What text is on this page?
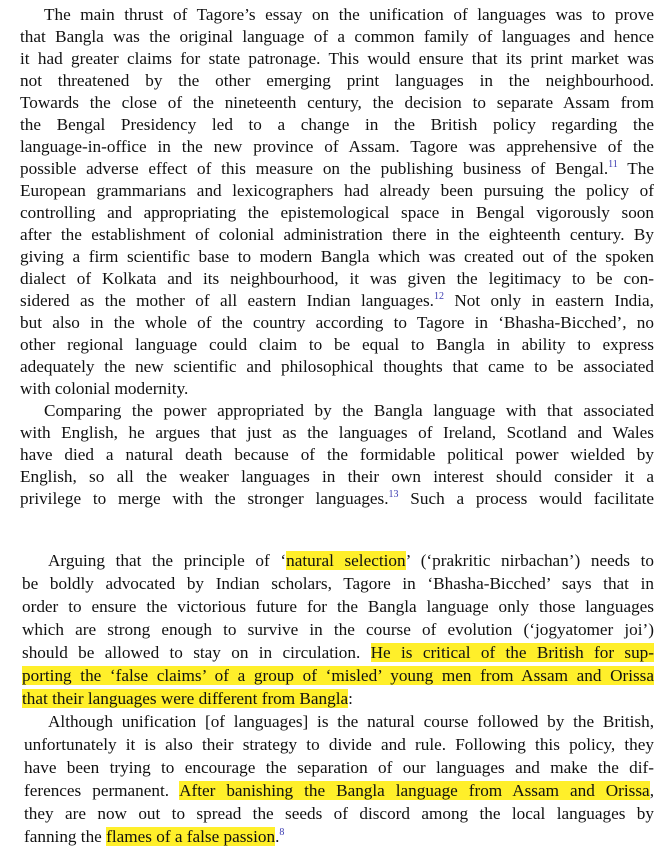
The main thrust of Tagore’s essay on the unification of languages was to prove
that Bangla was the original language of a common family of languages and hence
it had greater claims for state patronage. This would ensure that its print market was
not threatened by the other emerging print languages in the neighbourhood.
Towards the close of the nineteenth century, the decision to separate Assam from
the Bengal Presidency led to a change in the British policy regarding the
language-in-office in the new province of Assam. Tagore was apprehensive of the
possible adverse effect of this measure on the publishing business of Bengal.$^{11}$ The
European grammarians and lexicographers had already been pursuing the policy of
controlling and appropriating the epistemological space in Bengal vigorously soon
after the establishment of colonial administration there in the eighteenth century. By
giving a firm scientific base to modern Bangla which was created out of the spoken
dialect of Kolkata and its neighbourhood, it was given the legitimacy to be con-
sidered as the mother of all eastern Indian languages.$^{12}$ Not only in eastern India,
but also in the whole of the country according to Tagore in ‘Bhasha-Bicched’, no
other regional language could claim to be equal to Bangla in ability to express
adequately the new scientific and philosophical thoughts that came to be associated
with colonial modernity.
Comparing the power appropriated by the Bangla language with that associated
with English, he argues that just as the languages of Ireland, Scotland and Wales
have died a natural death because of the formidable political power wielded by
English, so all the weaker languages in their own interest should consider it a
privilege to merge with the stronger languages.$^{13}$ Such a process would facilitate
Arguing that the principle of ‘natural selection’ (‘prakritic nirbachan’) needs to
be boldly advocated by Indian scholars, Tagore in ‘Bhasha-Bicched’ says that in
order to ensure the victorious future for the Bangla language only those languages
which are strong enough to survive in the course of evolution (‘jogyatomer joi’)
should be allowed to stay on in circulation. He is critical of the British for sup-
porting the ‘false claims’ of a group of ‘misled’ young men from Assam and Orissa
that their languages were different from Bangla:
Although unification [of languages] is the natural course followed by the British,
unfortunately it is also their strategy to divide and rule. Following this policy, they
have been trying to encourage the separation of our languages and make the dif-
ferences permanent. After banishing the Bangla language from Assam and Orissa,
they are now out to spread the seeds of discord among the local languages by
fanning the flames of a false passion.$^8$
